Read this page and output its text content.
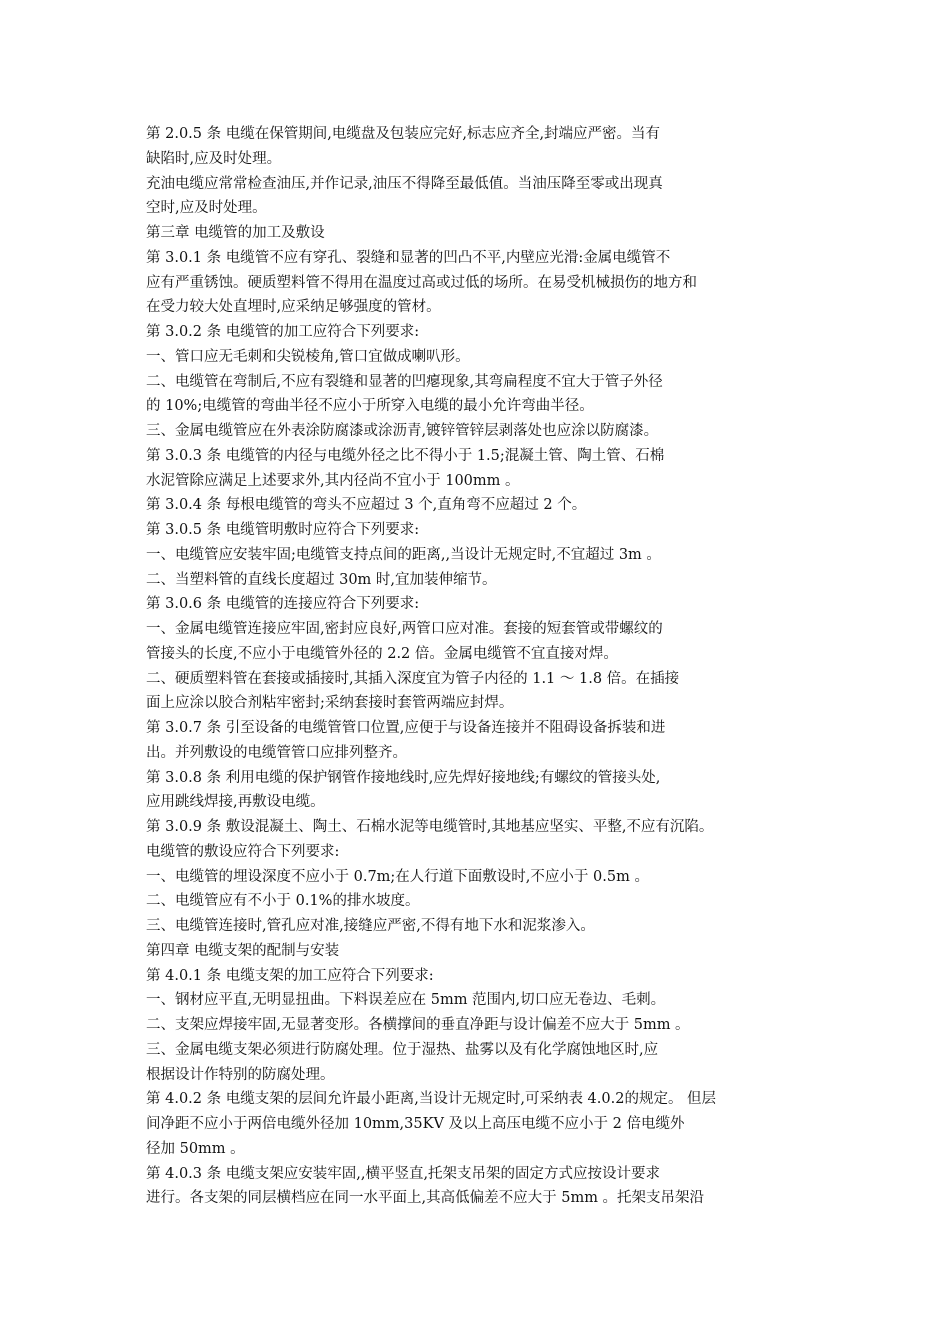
第 2.0.5 条 电缆在保管期间,电缆盘及包装应完好,标志应齐全,封端应严密。当有
缺陷时,应及时处理。
充油电缆应常常检查油压,并作记录,油压不得降至最低值。当油压降至零或出现真
空时,应及时处理。
第三章 电缆管的加工及敷设
第 3.0.1 条 电缆管不应有穿孔、裂缝和显著的凹凸不平,内壁应光滑:金属电缆管不
应有严重锈蚀。硬质塑料管不得用在温度过高或过低的场所。在易受机械损伤的地方和
在受力较大处直埋时,应采纳足够强度的管材。
第 3.0.2 条 电缆管的加工应符合下列要求:
一、管口应无毛刺和尖锐棱角,管口宜做成喇叭形。
二、电缆管在弯制后,不应有裂缝和显著的凹瘪现象,其弯扁程度不宜大于管子外径
的 10%;电缆管的弯曲半径不应小于所穿入电缆的最小允许弯曲半径。
三、金属电缆管应在外表涂防腐漆或涂沥青,镀锌管锌层剥落处也应涂以防腐漆。
第 3.0.3 条 电缆管的内径与电缆外径之比不得小于 1.5;混凝土管、陶土管、石棉
水泥管除应满足上述要求外,其内径尚不宜小于 100mm 。
第 3.0.4 条 每根电缆管的弯头不应超过 3 个,直角弯不应超过 2 个。
第 3.0.5 条 电缆管明敷时应符合下列要求:
一、电缆管应安装牢固;电缆管支持点间的距离,,当设计无规定时,不宜超过 3m 。
二、当塑料管的直线长度超过 30m 时,宜加装伸缩节。
第 3.0.6 条 电缆管的连接应符合下列要求:
一、金属电缆管连接应牢固,密封应良好,两管口应对准。套接的短套管或带螺纹的
管接头的长度,不应小于电缆管外径的 2.2 倍。金属电缆管不宜直接对焊。
二、硬质塑料管在套接或插接时,其插入深度宜为管子内径的 1.1 ～ 1.8 倍。在插接
面上应涂以胶合剂粘牢密封;采纳套接时套管两端应封焊。
第 3.0.7 条 引至设备的电缆管管口位置,应便于与设备连接并不阻碍设备拆装和进
出。并列敷设的电缆管管口应排列整齐。
第 3.0.8 条 利用电缆的保护钢管作接地线时,应先焊好接地线;有螺纹的管接头处,
应用跳线焊接,再敷设电缆。
第 3.0.9 条 敷设混凝土、陶土、石棉水泥等电缆管时,其地基应坚实、平整,不应有沉陷。
电缆管的敷设应符合下列要求:
一、电缆管的埋设深度不应小于 0.7m;在人行道下面敷设时,不应小于 0.5m 。
二、电缆管应有不小于 0.1%的排水坡度。
三、电缆管连接时,管孔应对准,接缝应严密,不得有地下水和泥浆渗入。
第四章 电缆支架的配制与安装
第 4.0.1 条 电缆支架的加工应符合下列要求:
一、钢材应平直,无明显扭曲。下料误差应在 5mm 范围内,切口应无卷边、毛刺。
二、支架应焊接牢固,无显著变形。各横撑间的垂直净距与设计偏差不应大于 5mm 。
三、金属电缆支架必须进行防腐处理。位于湿热、盐雾以及有化学腐蚀地区时,应
根据设计作特别的防腐处理。
第 4.0.2 条 电缆支架的层间允许最小距离,当设计无规定时,可采纳表 4.0.2的规定。 但层
间净距不应小于两倍电缆外径加 10mm,35KV 及以上高压电缆不应小于 2 倍电缆外
径加 50mm 。
第 4.0.3 条 电缆支架应安装牢固,,横平竖直,托架支吊架的固定方式应按设计要求
进行。各支架的同层横档应在同一水平面上,其高低偏差不应大于 5mm 。托架支吊架沿
